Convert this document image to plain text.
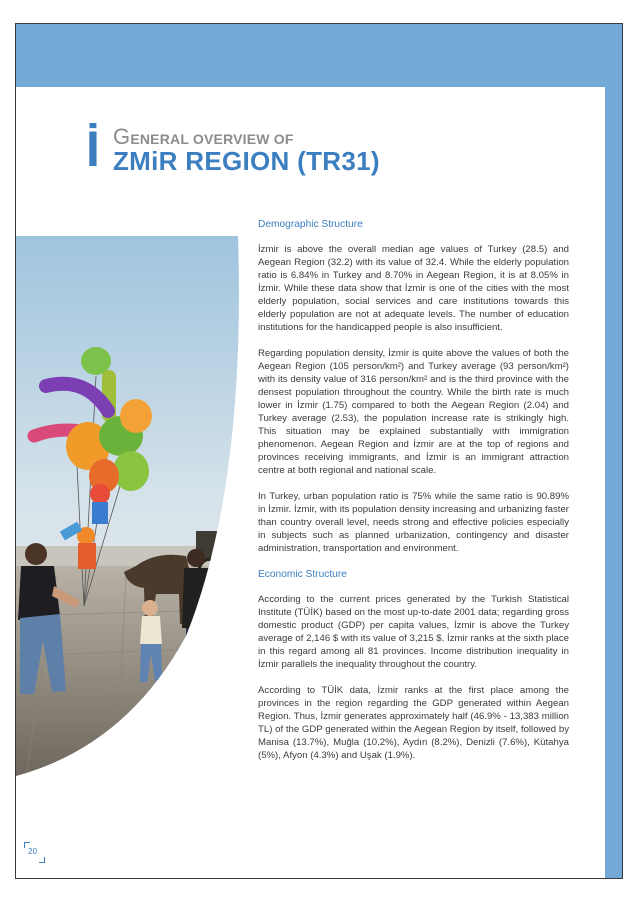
20
İ GENERAL OVERVIEW OF
ZMiR REGION (TR31)
Demographic Structure

İzmir is above the overall median age values of Turkey (28.5) and Aegean Region (32.2) with its value of 32.4. While the elderly population ratio is 6.84% in Turkey and 8.70% in Aegean Region, it is at 8.05% in İzmir. While these data show that İzmir is one of the cities with the most elderly population, social services and care institutions towards this elderly population are not at adequate levels. The number of education institutions for the handicapped people is also insufficient.

Regarding population density, İzmir is quite above the values of both the Aegean Region (105 person/km²) and Turkey average (93 person/km²) with its density value of 316 person/km² and is the third province with the densest population throughout the country. While the birth rate is much lower in İzmir (1.75) compared to both the Aegean Region (2.04) and Turkey average (2.53), the population increase rate is strikingly high. This situation may be explained substantially with immigration phenomenon. Aegean Region and İzmir are at the top of regions and provinces receiving immigrants, and İzmir is an immigrant attraction centre at both regional and national scale.

In Turkey, urban population ratio is 75% while the same ratio is 90.89% in İzmir. İzmir, with its population density increasing and urbanizing faster than country overall level, needs strong and effective policies especially in subjects such as planned urbanization, contingency and disaster administration, transportation and environment.

Economic Structure

According to the current prices generated by the Turkish Statistical Institute (TÜİK) based on the most up-to-date 2001 data; regarding gross domestic product (GDP) per capita values, İzmir is above the Turkey average of 2,146 $ with its value of 3,215 $. İzmir ranks at the sixth place in this regard among all 81 provinces. Income distribution inequality in İzmir parallels the inequality throughout the country.

According to TÜİK data, İzmir ranks at the first place among the provinces in the region regarding the GDP generated within Aegean Region. Thus, İzmir generates approximately half (46.9% - 13,383 million TL) of the GDP generated within the Aegean Region by itself, followed by Manisa (13.7%), Muğla (10.2%), Aydın (8.2%), Denizli (7.6%), Kütahya (5%), Afyon (4.3%) and Uşak (1.9%).
